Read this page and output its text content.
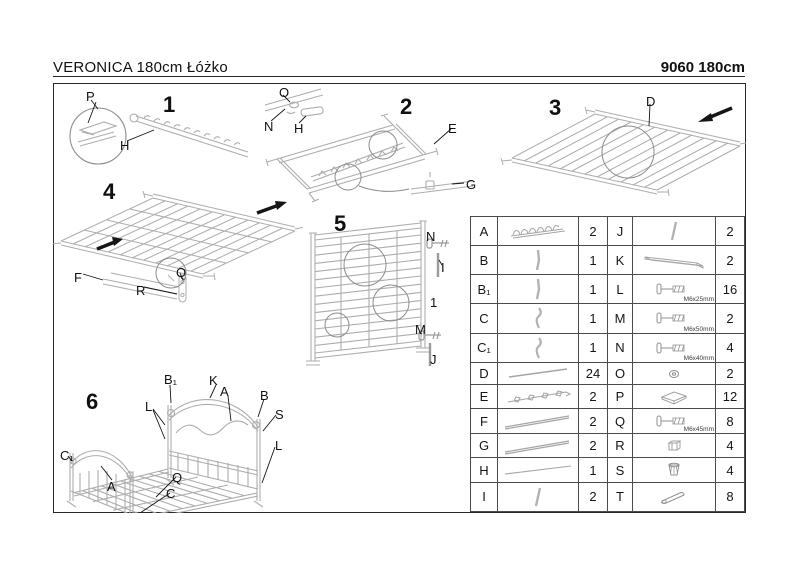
VERONICA 180cm Łóżko	9060 180cm
1	2	3
4
5
6
P
H
O
N H	E
G
D
F	Q
R
N
I
1
M
J
B₁ K
A B
S
L
L
C₁
A
Q
C
A		2	J		2
B		1	K		2
B₁		1	L	M6x25mm	16
C		1	M	M6x50mm	2
C₁		1	N	M6x40mm	4
D		24	O		2
E		2	P		12
F		2	Q	M6x45mm	8
G		2	R		4
H		1	S		4
I		2	T		8
